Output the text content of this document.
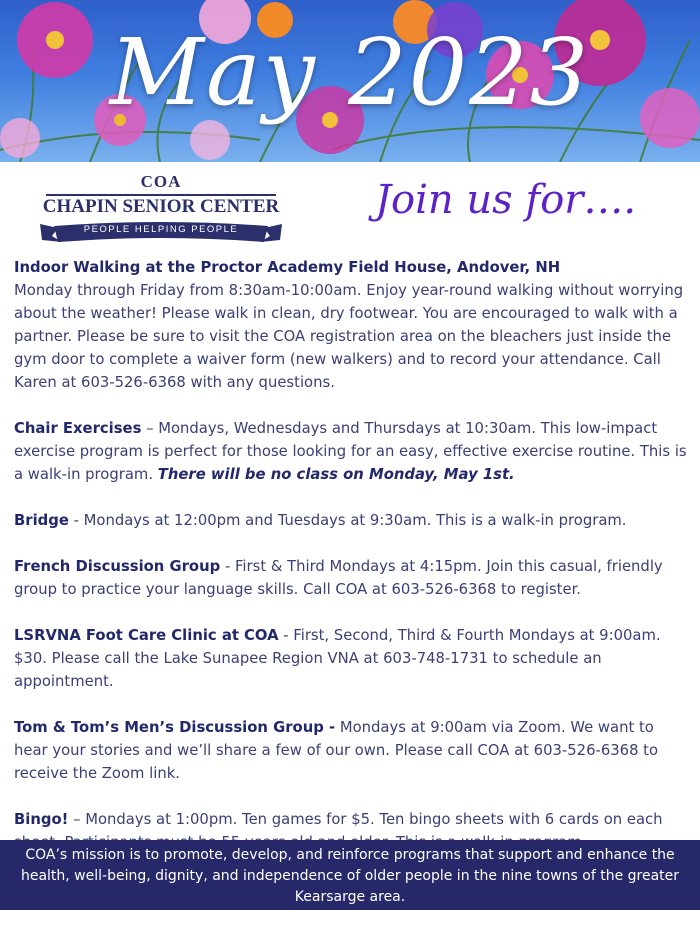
May 2023
COA
CHAPIN SENIOR CENTER
PEOPLE HELPING PEOPLE
Join us for….

Indoor Walking at the Proctor Academy Field House, Andover, NH
Monday through Friday from 8:30am-10:00am. Enjoy year-round walking without worrying about the weather! Please walk in clean, dry footwear. You are encouraged to walk with a partner. Please be sure to visit the COA registration area on the bleachers just inside the gym door to complete a waiver form (new walkers) and to record your attendance. Call Karen at 603-526-6368 with any questions.

Chair Exercises – Mondays, Wednesdays and Thursdays at 10:30am. This low-impact exercise program is perfect for those looking for an easy, effective exercise routine. This is a walk-in program. There will be no class on Monday, May 1st.

Bridge - Mondays at 12:00pm and Tuesdays at 9:30am. This is a walk-in program.

French Discussion Group - First & Third Mondays at 4:15pm. Join this casual, friendly group to practice your language skills. Call COA at 603-526-6368 to register.

LSRVNA Foot Care Clinic at COA - First, Second, Third & Fourth Mondays at 9:00am. $30. Please call the Lake Sunapee Region VNA at 603-748-1731 to schedule an appointment.

Tom & Tom’s Men’s Discussion Group - Mondays at 9:00am via Zoom. We want to hear your stories and we’ll share a few of our own. Please call COA at 603-526-6368 to receive the Zoom link.

Bingo! – Mondays at 1:00pm. Ten games for $5. Ten bingo sheets with 6 cards on each

COA’s mission is to promote, develop, and reinforce programs that support and enhance the health, well-being, dignity, and independence of older people in the nine towns of the greater Kearsarge area.
